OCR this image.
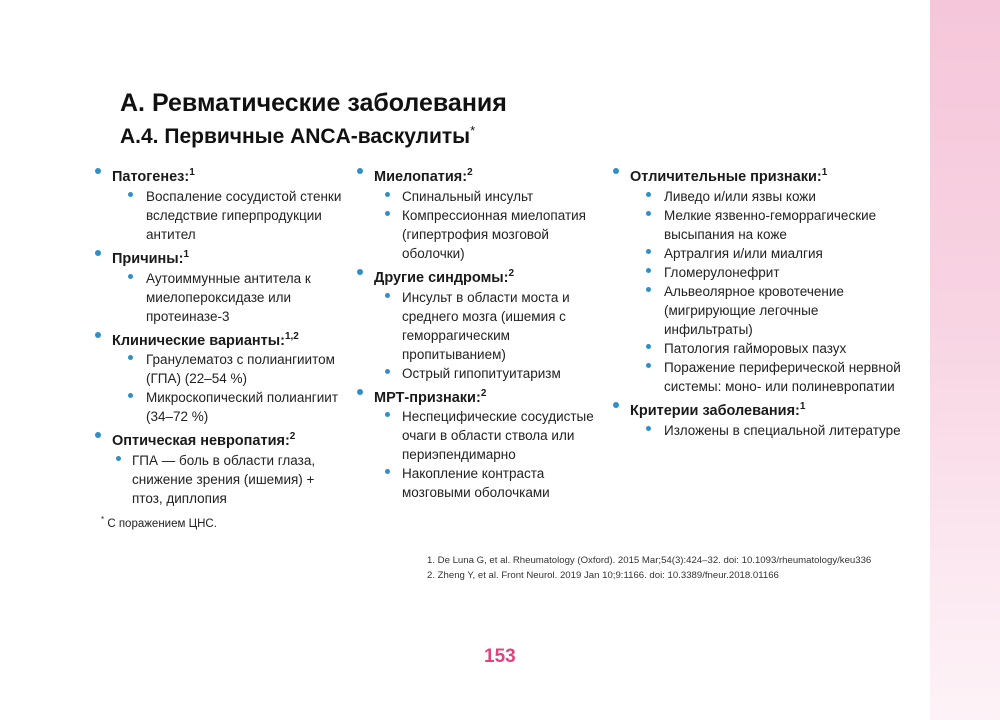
А. Ревматические заболевания
А.4. Первичные ANCA-васкулиты*
Патогенез:$^1$
Воспаление сосудистой стенки вследствие гиперпродукции антител
Причины:$^1$
Аутоиммунные антитела к миелопероксидазе или протеиназе-3
Клинические варианты:$^{1,2}$
Гранулематоз с полиангиитом (ГПА) (22–54 %)
Микроскопический полиангиит (34–72 %)
Оптическая невропатия:$^2$
ГПА — боль в области глаза, снижение зрения (ишемия) + птоз, диплопия
Миелопатия:$^2$
Спинальный инсульт
Компрессионная миелопатия (гипертрофия мозговой оболочки)
Другие синдромы:$^2$
Инсульт в области моста и среднего мозга (ишемия с геморрагическим пропитыванием)
Острый гипопитуитаризм
МРТ-признаки:$^2$
Неспецифические сосудистые очаги в области ствола или периэпендимарно
Накопление контраста мозговыми оболочками
Отличительные признаки:$^1$
Ливедо и/или язвы кожи
Мелкие язвенно-геморрагические высыпания на коже
Артралгия и/или миалгия
Гломерулонефрит
Альвеолярное кровотечение (мигрирующие легочные инфильтраты)
Патология гайморовых пазух
Поражение периферической нервной системы: моно- или полиневропатии
Критерии заболевания:$^1$
Изложены в специальной литературе
* С поражением ЦНС.
1. De Luna G, et al. Rheumatology (Oxford). 2015 Mar;54(3):424–32. doi: 10.1093/rheumatology/keu336
2. Zheng Y, et al. Front Neurol. 2019 Jan 10;9:1166. doi: 10.3389/fneur.2018.01166
153
